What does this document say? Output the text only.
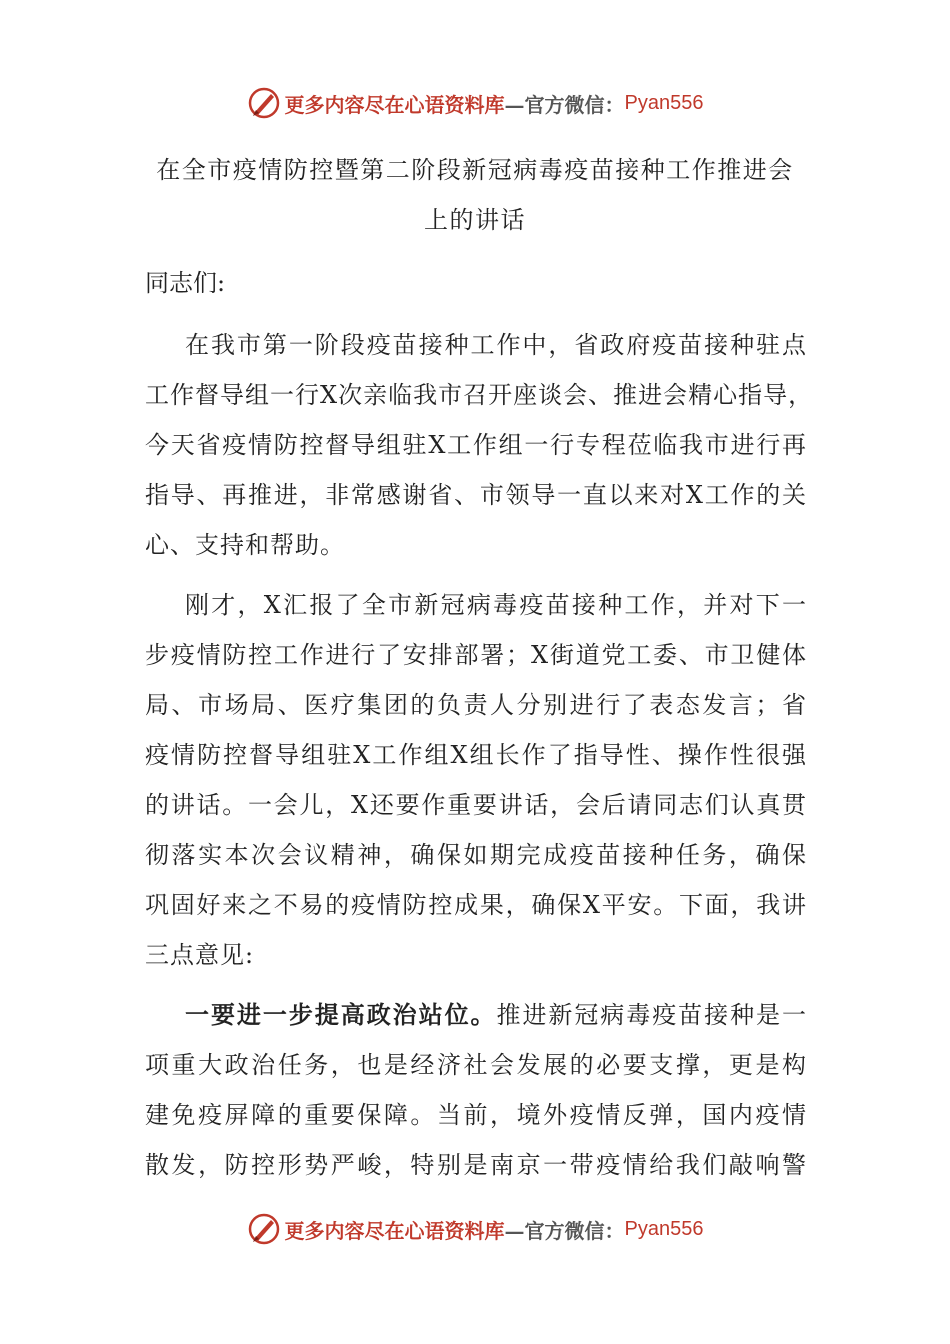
更多内容尽在心语资料库 —官方微信： Pyan556
在全市疫情防控暨第二阶段新冠病毒疫苗接种工作推进会
上的讲话
同志们:
在我市第一阶段疫苗接种工作中，省政府疫苗接种驻点
工作督导组一行X次亲临我市召开座谈会、推进会精心指导，
今天省疫情防控督导组驻X工作组一行专程莅临我市进行再
指导、再推进，非常感谢省、市领导一直以来对X工作的关
心、支持和帮助。
刚才，X汇报了全市新冠病毒疫苗接种工作，并对下一
步疫情防控工作进行了安排部署；X街道党工委、市卫健体
局、市场局、医疗集团的负责人分别进行了表态发言；省
疫情防控督导组驻X工作组X组长作了指导性、操作性很强
的讲话。一会儿，X还要作重要讲话，会后请同志们认真贯
彻落实本次会议精神，确保如期完成疫苗接种任务，确保
巩固好来之不易的疫情防控成果，确保X平安。下面，我讲
三点意见:
一要进一步提高政治站位。推进新冠病毒疫苗接种是一
项重大政治任务，也是经济社会发展的必要支撑，更是构
建免疫屏障的重要保障。当前，境外疫情反弹，国内疫情
散发，防控形势严峻，特别是南京一带疫情给我们敲响警
更多内容尽在心语资料库 —官方微信： Pyan556
